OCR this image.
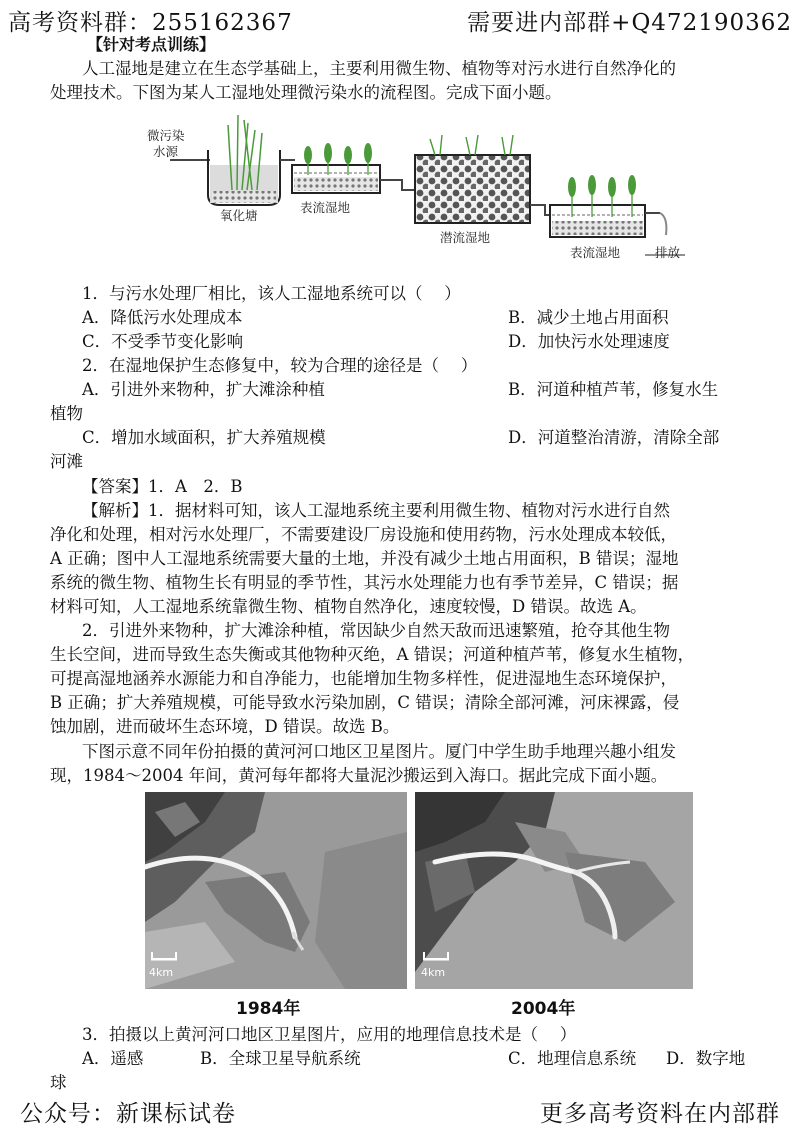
高考资料群：255162367	需要进内部群+Q472190362
【针对考点训练】
人工湿地是建立在生态学基础上，主要利用微生物、植物等对污水进行自然净化的
处理技术。下图为某人工湿地处理微污染水的流程图。完成下面小题。
微污染
水源
氧化塘
表流湿地
潜流湿地
表流湿地	排放
1．与污水处理厂相比，该人工湿地系统可以（　 ）
A．降低污水处理成本	B．减少土地占用面积
C．不受季节变化影响	D．加快污水处理速度
2．在湿地保护生态修复中，较为合理的途径是（　 ）
A．引进外来物种，扩大滩涂种植	B．河道种植芦苇，修复水生
植物
C．增加水域面积，扩大养殖规模	D．河道整治清游，清除全部
河滩
【答案】1．A　2．B
【解析】1．据材料可知，该人工湿地系统主要利用微生物、植物对污水进行自然
净化和处理，相对污水处理厂，不需要建设厂房设施和使用药物，污水处理成本较低，
A 正确；图中人工湿地系统需要大量的土地，并没有减少土地占用面积，B 错误；湿地
系统的微生物、植物生长有明显的季节性，其污水处理能力也有季节差异，C 错误；据
材料可知，人工湿地系统靠微生物、植物自然净化，速度较慢，D 错误。故选 A。
2．引进外来物种，扩大滩涂种植，常因缺少自然天敌而迅速繁殖，抢夺其他生物
生长空间，进而导致生态失衡或其他物种灭绝，A 错误；河道种植芦苇，修复水生植物，
可提高湿地涵养水源能力和自净能力，也能增加生物多样性，促进湿地生态环境保护，
B 正确；扩大养殖规模，可能导致水污染加剧，C 错误；清除全部河滩，河床裸露，侵
蚀加剧，进而破坏生态环境，D 错误。故选 B。
下图示意不同年份拍摄的黄河河口地区卫星图片。厦门中学生助手地理兴趣小组发
现，1984～2004 年间，黄河每年都将大量泥沙搬运到入海口。据此完成下面小题。
4km	4km
1984年	2004年
3．拍摄以上黄河河口地区卫星图片，应用的地理信息技术是（　 ）
A．遥感	B．全球卫星导航系统	C．地理信息系统 D．数字地
球
公众号：新课标试卷	更多高考资料在内部群
